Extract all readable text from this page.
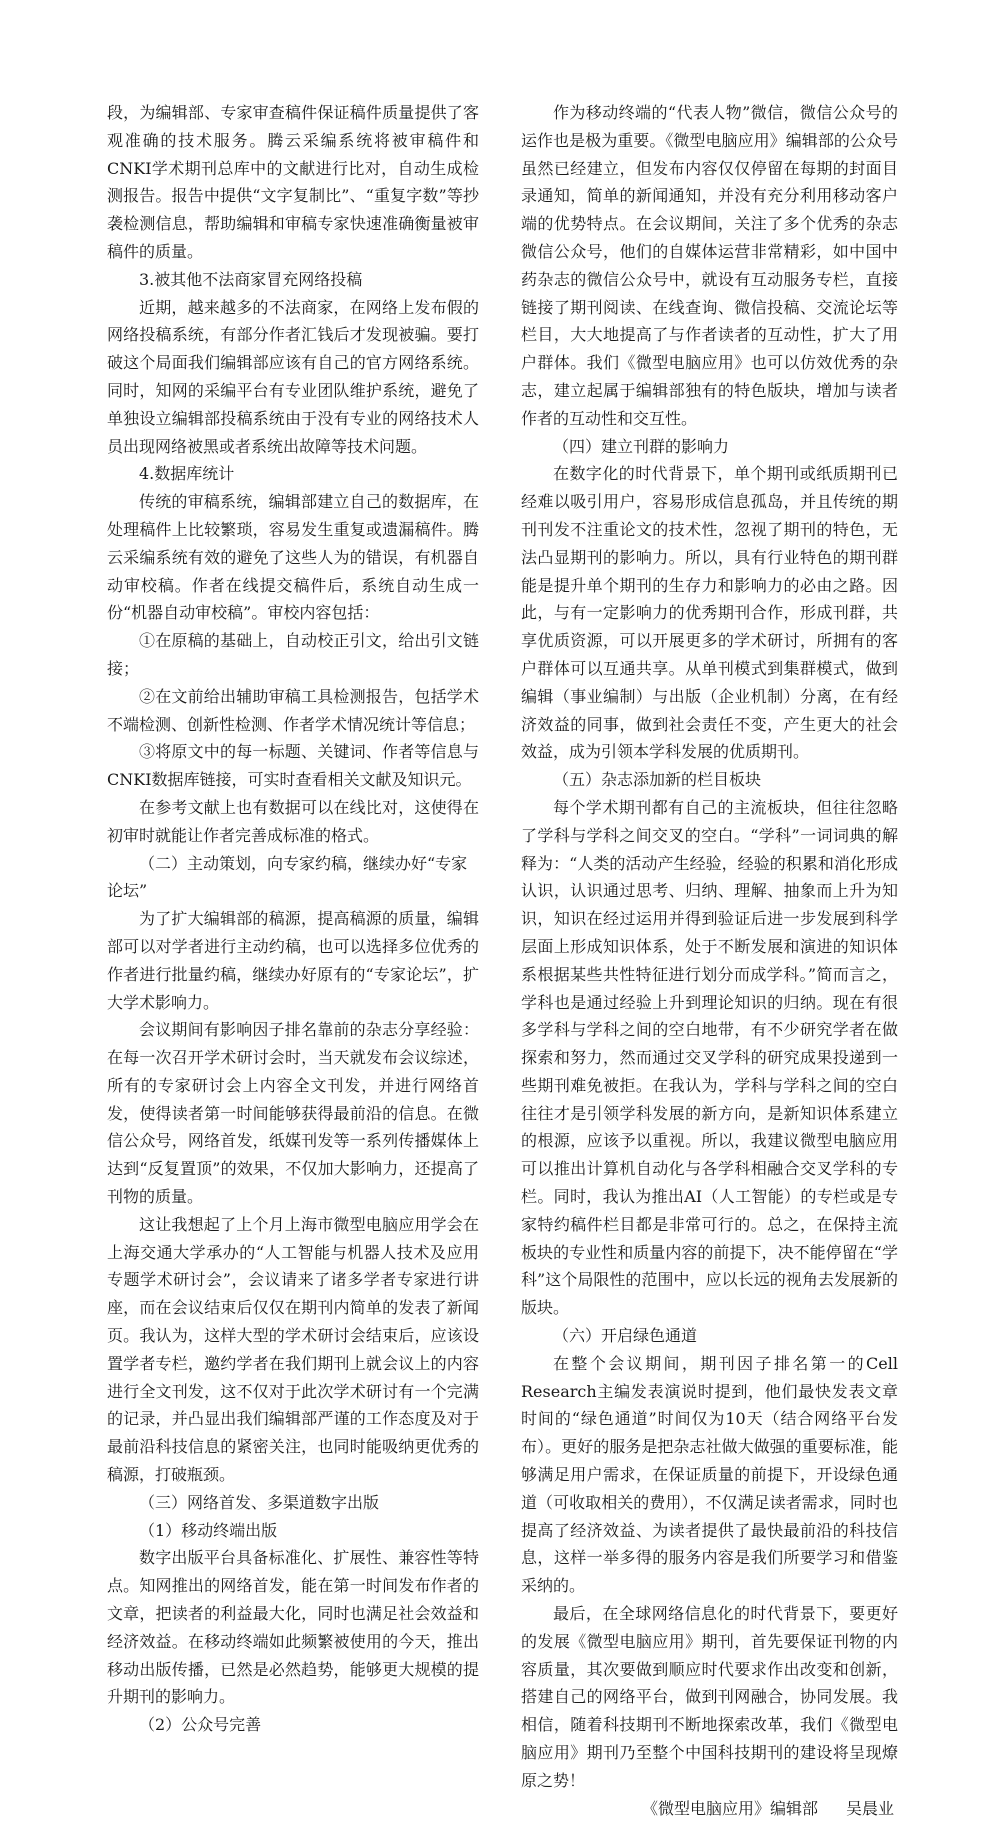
段，为编辑部、专家审查稿件保证稿件质量提供了客观准确的技术服务。腾云采编系统将被审稿件和CNKI学术期刊总库中的文献进行比对，自动生成检测报告。报告中提供“文字复制比”、“重复字数”等抄袭检测信息，帮助编辑和审稿专家快速准确衡量被审稿件的质量。

3.被其他不法商家冒充网络投稿

近期，越来越多的不法商家，在网络上发布假的网络投稿系统，有部分作者汇钱后才发现被骗。要打破这个局面我们编辑部应该有自己的官方网络系统。同时，知网的采编平台有专业团队维护系统，避免了单独设立编辑部投稿系统由于没有专业的网络技术人员出现网络被黑或者系统出故障等技术问题。

4.数据库统计

传统的审稿系统，编辑部建立自己的数据库，在处理稿件上比较繁琐，容易发生重复或遗漏稿件。腾云采编系统有效的避免了这些人为的错误，有机器自动审校稿。作者在线提交稿件后，系统自动生成一份“机器自动审校稿”。审校内容包括：

①在原稿的基础上，自动校正引文，给出引文链接；

②在文前给出辅助审稿工具检测报告，包括学术不端检测、创新性检测、作者学术情况统计等信息；

③将原文中的每一标题、关键词、作者等信息与CNKI数据库链接，可实时查看相关文献及知识元。

在参考文献上也有数据可以在线比对，这使得在初审时就能让作者完善成标准的格式。

（二）主动策划，向专家约稿，继续办好“专家论坛”

为了扩大编辑部的稿源，提高稿源的质量，编辑部可以对学者进行主动约稿，也可以选择多位优秀的作者进行批量约稿，继续办好原有的“专家论坛”，扩大学术影响力。

会议期间有影响因子排名靠前的杂志分享经验：在每一次召开学术研讨会时，当天就发布会议综述，所有的专家研讨会上内容全文刊发，并进行网络首发，使得读者第一时间能够获得最前沿的信息。在微信公众号，网络首发，纸媒刊发等一系列传播媒体上达到“反复置顶”的效果，不仅加大影响力，还提高了刊物的质量。

这让我想起了上个月上海市微型电脑应用学会在上海交通大学承办的“人工智能与机器人技术及应用专题学术研讨会”，会议请来了诸多学者专家进行讲座，而在会议结束后仅仅在期刊内简单的发表了新闻页。我认为，这样大型的学术研讨会结束后，应该设置学者专栏，邀约学者在我们期刊上就会议上的内容进行全文刊发，这不仅对于此次学术研讨有一个完满的记录，并凸显出我们编辑部严谨的工作态度及对于最前沿科技信息的紧密关注，也同时能吸纳更优秀的稿源，打破瓶颈。

（三）网络首发、多渠道数字出版

（1）移动终端出版

数字出版平台具备标准化、扩展性、兼容性等特点。知网推出的网络首发，能在第一时间发布作者的文章，把读者的利益最大化，同时也满足社会效益和经济效益。在移动终端如此频繁被使用的今天，推出移动出版传播，已然是必然趋势，能够更大规模的提升期刊的影响力。

（2）公众号完善

作为移动终端的“代表人物”微信，微信公众号的运作也是极为重要。《微型电脑应用》编辑部的公众号虽然已经建立，但发布内容仅仅停留在每期的封面目录通知，简单的新闻通知，并没有充分利用移动客户端的优势特点。在会议期间，关注了多个优秀的杂志微信公众号，他们的自媒体运营非常精彩，如中国中药杂志的微信公众号中，就设有互动服务专栏，直接链接了期刊阅读、在线查询、微信投稿、交流论坛等栏目，大大地提高了与作者读者的互动性，扩大了用户群体。我们《微型电脑应用》也可以仿效优秀的杂志，建立起属于编辑部独有的特色版块，增加与读者作者的互动性和交互性。

（四）建立刊群的影响力

在数字化的时代背景下，单个期刊或纸质期刊已经难以吸引用户，容易形成信息孤岛，并且传统的期刊刊发不注重论文的技术性，忽视了期刊的特色，无法凸显期刊的影响力。所以，具有行业特色的期刊群能是提升单个期刊的生存力和影响力的必由之路。因此，与有一定影响力的优秀期刊合作，形成刊群，共享优质资源，可以开展更多的学术研讨，所拥有的客户群体可以互通共享。从单刊模式到集群模式，做到编辑（事业编制）与出版（企业机制）分离，在有经济效益的同事，做到社会责任不变，产生更大的社会效益，成为引领本学科发展的优质期刊。

（五）杂志添加新的栏目板块

每个学术期刊都有自己的主流板块，但往往忽略了学科与学科之间交叉的空白。“学科”一词词典的解释为：“人类的活动产生经验，经验的积累和消化形成认识，认识通过思考、归纳、理解、抽象而上升为知识，知识在经过运用并得到验证后进一步发展到科学层面上形成知识体系，处于不断发展和演进的知识体系根据某些共性特征进行划分而成学科。”简而言之，学科也是通过经验上升到理论知识的归纳。现在有很多学科与学科之间的空白地带，有不少研究学者在做探索和努力，然而通过交叉学科的研究成果投递到一些期刊难免被拒。在我认为，学科与学科之间的空白往往才是引领学科发展的新方向，是新知识体系建立的根源，应该予以重视。所以，我建议微型电脑应用可以推出计算机自动化与各学科相融合交叉学科的专栏。同时，我认为推出AI（人工智能）的专栏或是专家特约稿件栏目都是非常可行的。总之，在保持主流板块的专业性和质量内容的前提下，决不能停留在“学科”这个局限性的范围中，应以长远的视角去发展新的版块。

（六）开启绿色通道

在整个会议期间，期刊因子排名第一的Cell Research主编发表演说时提到，他们最快发表文章时间的“绿色通道”时间仅为10天（结合网络平台发布）。更好的服务是把杂志社做大做强的重要标准，能够满足用户需求，在保证质量的前提下，开设绿色通道（可收取相关的费用），不仅满足读者需求，同时也提高了经济效益、为读者提供了最快最前沿的科技信息，这样一举多得的服务内容是我们所要学习和借鉴采纳的。

最后，在全球网络信息化的时代背景下，要更好的发展《微型电脑应用》期刊，首先要保证刊物的内容质量，其次要做到顺应时代要求作出改变和创新，搭建自己的网络平台，做到刊网融合，协同发展。我相信，随着科技期刊不断地探索改革，我们《微型电脑应用》期刊乃至整个中国科技期刊的建设将呈现燎原之势！

《微型电脑应用》编辑部 吴晨业
